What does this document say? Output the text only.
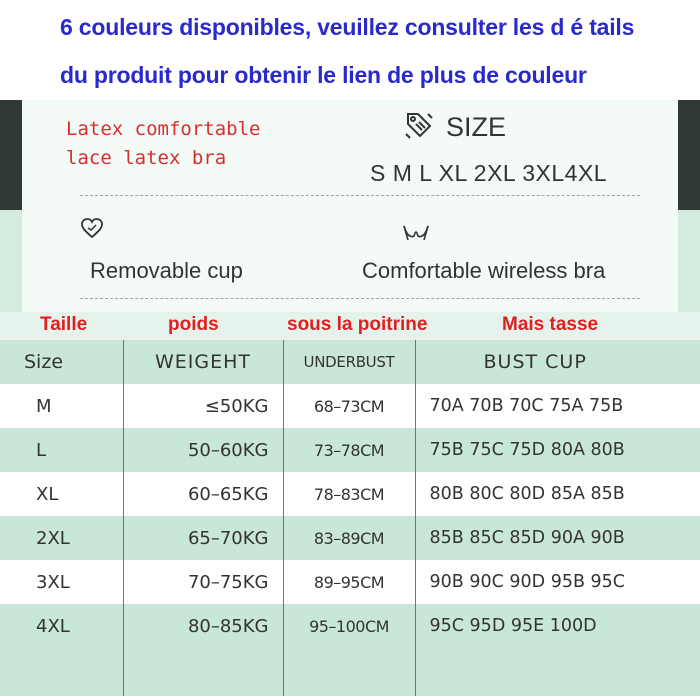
6 couleurs disponibles, veuillez consulter les d é tails
du produit pour obtenir le lien de plus de couleur
Latex comfortable
lace latex bra
SIZE
S M L XL 2XL 3XL4XL
Removable cup	Comfortable wireless bra
Taille	poids	sous la poitrine	Mais tasse
Size	WEIGEHT	UNDERBUST	BUST CUP
M	≤50KG	68–73CM	70A 70B 70C 75A 75B
L	50–60KG	73–78CM	75B 75C 75D 80A 80B
XL	60–65KG	78–83CM	80B 80C 80D 85A 85B
2XL	65–70KG	83–89CM	85B 85C 85D 90A 90B
3XL	70–75KG	89–95CM	90B 90C 90D 95B 95C
4XL	80–85KG	95–100CM	95C 95D 95E 100D
